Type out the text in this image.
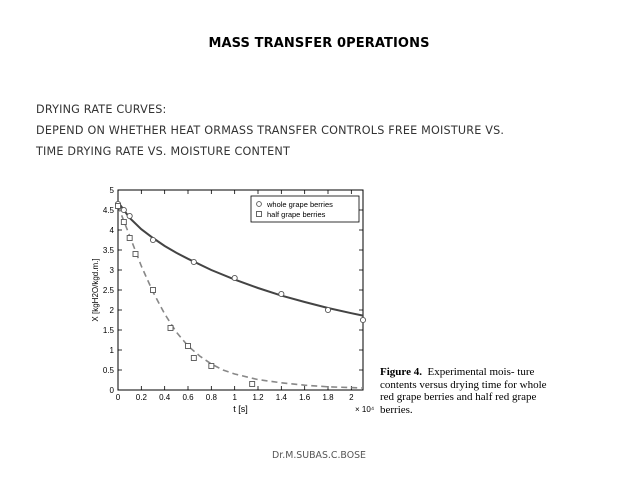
MASS TRANSFER 0PERATIONS
DRYING RATE CURVES:
DEPEND ON WHETHER HEAT ORMASS TRANSFER CONTROLS FREE MOISTURE VS.
TIME DRYING RATE VS. MOISTURE CONTENT
0 0.2 0.4 0.6 0.8 1 1.2 1.4 1.6 1.8 2
0
0.5
1
1.5
2
2.5
3
3.5
4
4.5
5
t [s]	× 10⁴
X [kgH2O/kgd.m.]
whole grape berries
half grape berries
Figure 4. Experimental mois- ture contents versus drying time for whole red grape berries and half red grape berries.
Dr.M.SUBAS.C.BOSE
